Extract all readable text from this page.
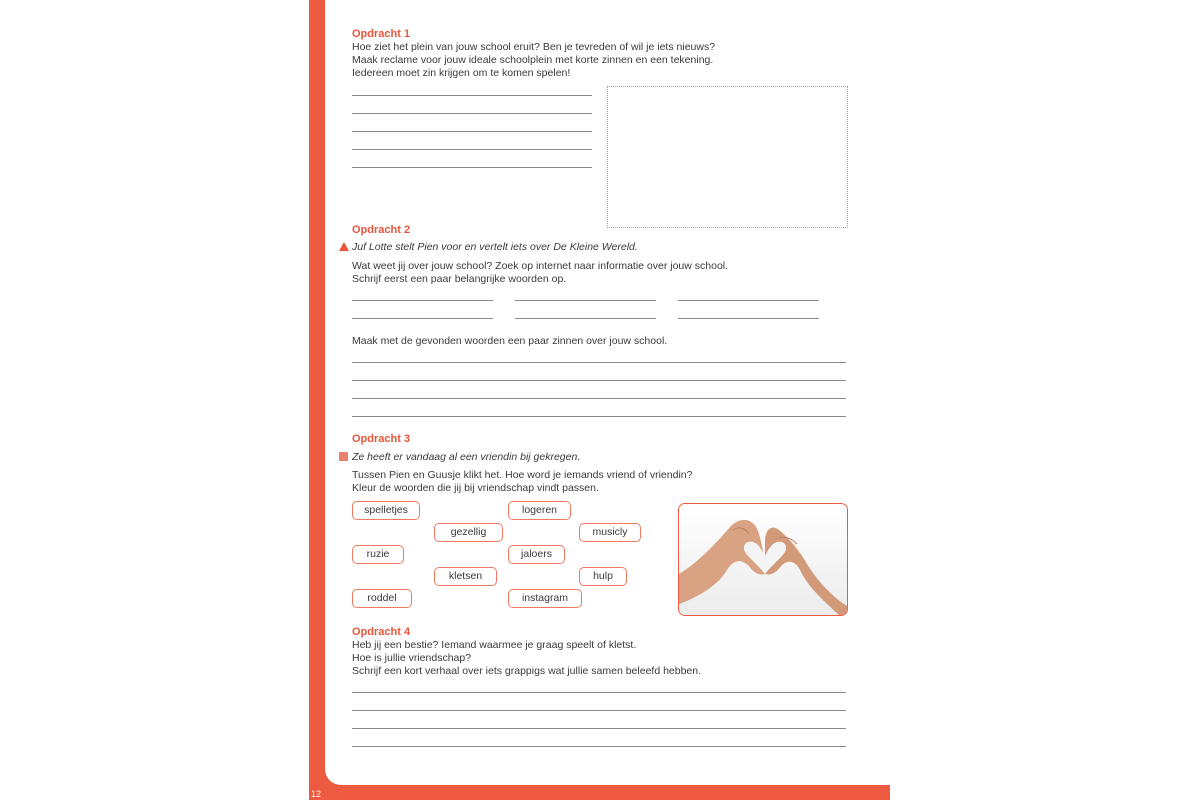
12
Opdracht 1
Hoe ziet het plein van jouw school eruit? Ben je tevreden of wil je iets nieuws?
Maak reclame voor jouw ideale schoolplein met korte zinnen en een tekening.
Iedereen moet zin krijgen om te komen spelen!
Opdracht 2
Juf Lotte stelt Pien voor en vertelt iets over De Kleine Wereld.
Wat weet jij over jouw school? Zoek op internet naar informatie over jouw school.
Schrijf eerst een paar belangrijke woorden op.
Maak met de gevonden woorden een paar zinnen over jouw school.
Opdracht 3
Ze heeft er vandaag al een vriendin bij gekregen.
Tussen Pien en Guusje klikt het. Hoe word je iemands vriend of vriendin?
Kleur de woorden die jij bij vriendschap vindt passen.
spelletjes	logeren
gezellig	musicly
ruzie	jaloers
kletsen	hulp
roddel	instagram
Opdracht 4
Heb jij een bestie? Iemand waarmee je graag speelt of kletst.
Hoe is jullie vriendschap?
Schrijf een kort verhaal over iets grappigs wat jullie samen beleefd hebben.
